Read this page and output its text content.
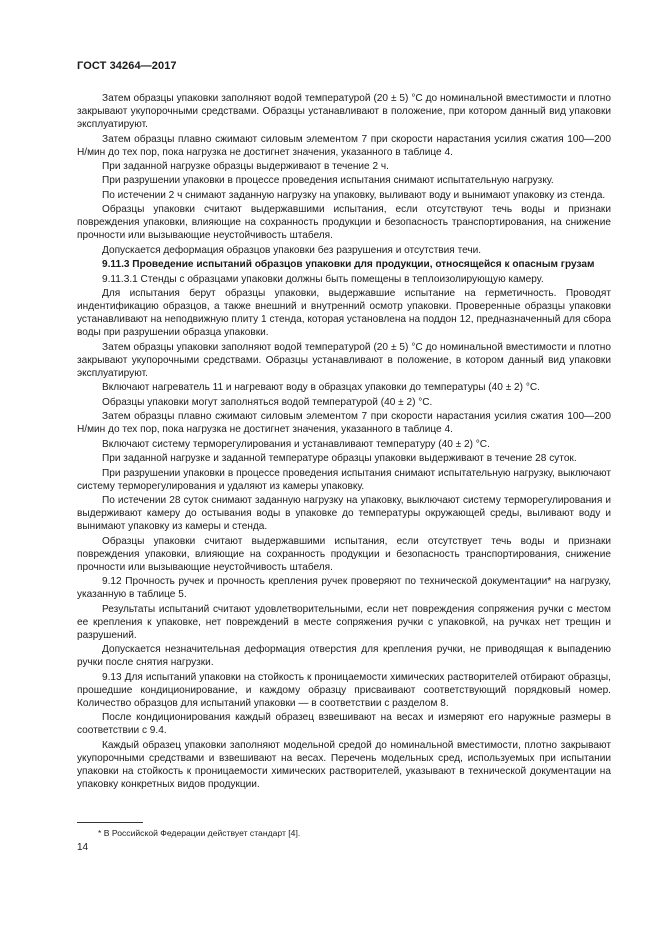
ГОСТ 34264—2017

Затем образцы упаковки заполняют водой температурой (20 ± 5) °С до номинальной вместимости и плотно закрывают укупорочными средствами. Образцы устанавливают в положение, при котором данный вид упаковки эксплуатируют.

Затем образцы плавно сжимают силовым элементом 7 при скорости нарастания усилия сжатия 100—200 Н/мин до тех пор, пока нагрузка не достигнет значения, указанного в таблице 4.

При заданной нагрузке образцы выдерживают в течение 2 ч.

При разрушении упаковки в процессе проведения испытания снимают испытательную нагрузку.

По истечении 2 ч снимают заданную нагрузку на упаковку, выливают воду и вынимают упаковку из стенда.

Образцы упаковки считают выдержавшими испытания, если отсутствуют течь воды и признаки повреждения упаковки, влияющие на сохранность продукции и безопасность транспортирования, на снижение прочности или вызывающие неустойчивость штабеля.

Допускается деформация образцов упаковки без разрушения и отсутствия течи.

9.11.3 Проведение испытаний образцов упаковки для продукции, относящейся к опасным грузам

9.11.3.1 Стенды с образцами упаковки должны быть помещены в теплоизолирующую камеру.

Для испытания берут образцы упаковки, выдержавшие испытание на герметичность. Проводят индентификацию образцов, а также внешний и внутренний осмотр упаковки. Проверенные образцы упаковки устанавливают на неподвижную плиту 1 стенда, которая установлена на поддон 12, предназначенный для сбора воды при разрушении образца упаковки.

Затем образцы упаковки заполняют водой температурой (20 ± 5) °С до номинальной вместимости и плотно закрывают укупорочными средствами. Образцы устанавливают в положение, в котором данный вид упаковки эксплуатируют.

Включают нагреватель 11 и нагревают воду в образцах упаковки до температуры (40 ± 2) °С.

Образцы упаковки могут заполняться водой температурой (40 ± 2) °С.

Затем образцы плавно сжимают силовым элементом 7 при скорости нарастания усилия сжатия 100—200 Н/мин до тех пор, пока нагрузка не достигнет значения, указанного в таблице 4.

Включают систему терморегулирования и устанавливают температуру (40 ± 2) °С.

При заданной нагрузке и заданной температуре образцы упаковки выдерживают в течение 28 суток.

При разрушении упаковки в процессе проведения испытания снимают испытательную нагрузку, выключают систему терморегулирования и удаляют из камеры упаковку.

По истечении 28 суток снимают заданную нагрузку на упаковку, выключают систему терморегулирования и выдерживают камеру до остывания воды в упаковке до температуры окружающей среды, выливают воду и вынимают упаковку из камеры и стенда.

Образцы упаковки считают выдержавшими испытания, если отсутствует течь воды и признаки повреждения упаковки, влияющие на сохранность продукции и безопасность транспортирования, снижение прочности или вызывающие неустойчивость штабеля.

9.12 Прочность ручек и прочность крепления ручек проверяют по технической документации* на нагрузку, указанную в таблице 5.

Результаты испытаний считают удовлетворительными, если нет повреждения сопряжения ручки с местом ее крепления к упаковке, нет повреждений в месте сопряжения ручки с упаковкой, на ручках нет трещин и разрушений.

Допускается незначительная деформация отверстия для крепления ручки, не приводящая к выпадению ручки после снятия нагрузки.

9.13 Для испытаний упаковки на стойкость к проницаемости химических растворителей отбирают образцы, прошедшие кондиционирование, и каждому образцу присваивают соответствующий порядковый номер. Количество образцов для испытаний упаковки — в соответствии с разделом 8.

После кондиционирования каждый образец взвешивают на весах и измеряют его наружные размеры в соответствии с 9.4.

Каждый образец упаковки заполняют модельной средой до номинальной вместимости, плотно закрывают укупорочными средствами и взвешивают на весах. Перечень модельных сред, используемых при испытании упаковки на стойкость к проницаемости химических растворителей, указывают в технической документации на упаковку конкретных видов продукции.

* В Российской Федерации действует стандарт [4].
14
